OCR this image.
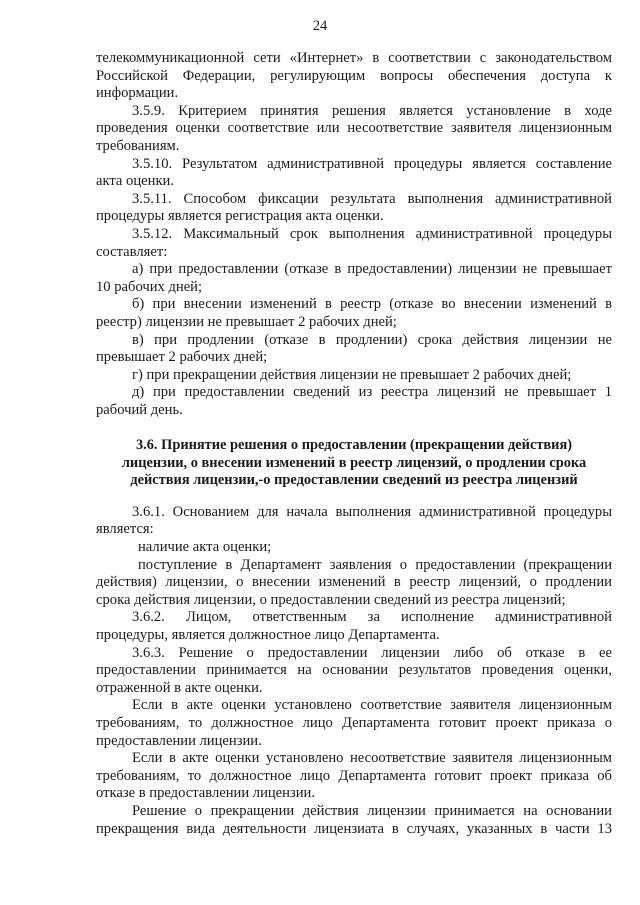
24
телекоммуникационной сети «Интернет» в соответствии с законодательством
Российской Федерации, регулирующим вопросы обеспечения доступа к
информации.
3.5.9. Критерием принятия решения является установление в ходе
проведения оценки соответствие или несоответствие заявителя лицензионным
требованиям.
3.5.10. Результатом административной процедуры является составление
акта оценки.
3.5.11. Способом фиксации результата выполнения административной
процедуры является регистрация акта оценки.
3.5.12. Максимальный срок выполнения административной процедуры
составляет:
а) при предоставлении (отказе в предоставлении) лицензии не превышает
10 рабочих дней;
б) при внесении изменений в реестр (отказе во внесении изменений в
реестр) лицензии не превышает 2 рабочих дней;
в) при продлении (отказе в продлении) срока действия лицензии не
превышает 2 рабочих дней;
г) при прекращении действия лицензии не превышает 2 рабочих дней;
д) при предоставлении сведений из реестра лицензий не превышает 1
рабочий день.
3.6. Принятие решения о предоставлении (прекращении действия)
лицензии, о внесении изменений в реестр лицензий, о продлении срока
действия лицензии,-о предоставлении сведений из реестра лицензий
3.6.1. Основанием для начала выполнения административной процедуры
является:
наличие акта оценки;
поступление в Департамент заявления о предоставлении (прекращении
действия) лицензии, о внесении изменений в реестр лицензий, о продлении
срока действия лицензии, о предоставлении сведений из реестра лицензий;
3.6.2. Лицом, ответственным за исполнение административной
процедуры, является должностное лицо Департамента.
3.6.3. Решение о предоставлении лицензии либо об отказе в ее
предоставлении принимается на основании результатов проведения оценки,
отраженной в акте оценки.
Если в акте оценки установлено соответствие заявителя лицензионным
требованиям, то должностное лицо Департамента готовит проект приказа о
предоставлении лицензии.
Если в акте оценки установлено несоответствие заявителя лицензионным
требованиям, то должностное лицо Департамента готовит проект приказа об
отказе в предоставлении лицензии.
Решение о прекращении действия лицензии принимается на основании
прекращения вида деятельности лицензиата в случаях, указанных в части 13
